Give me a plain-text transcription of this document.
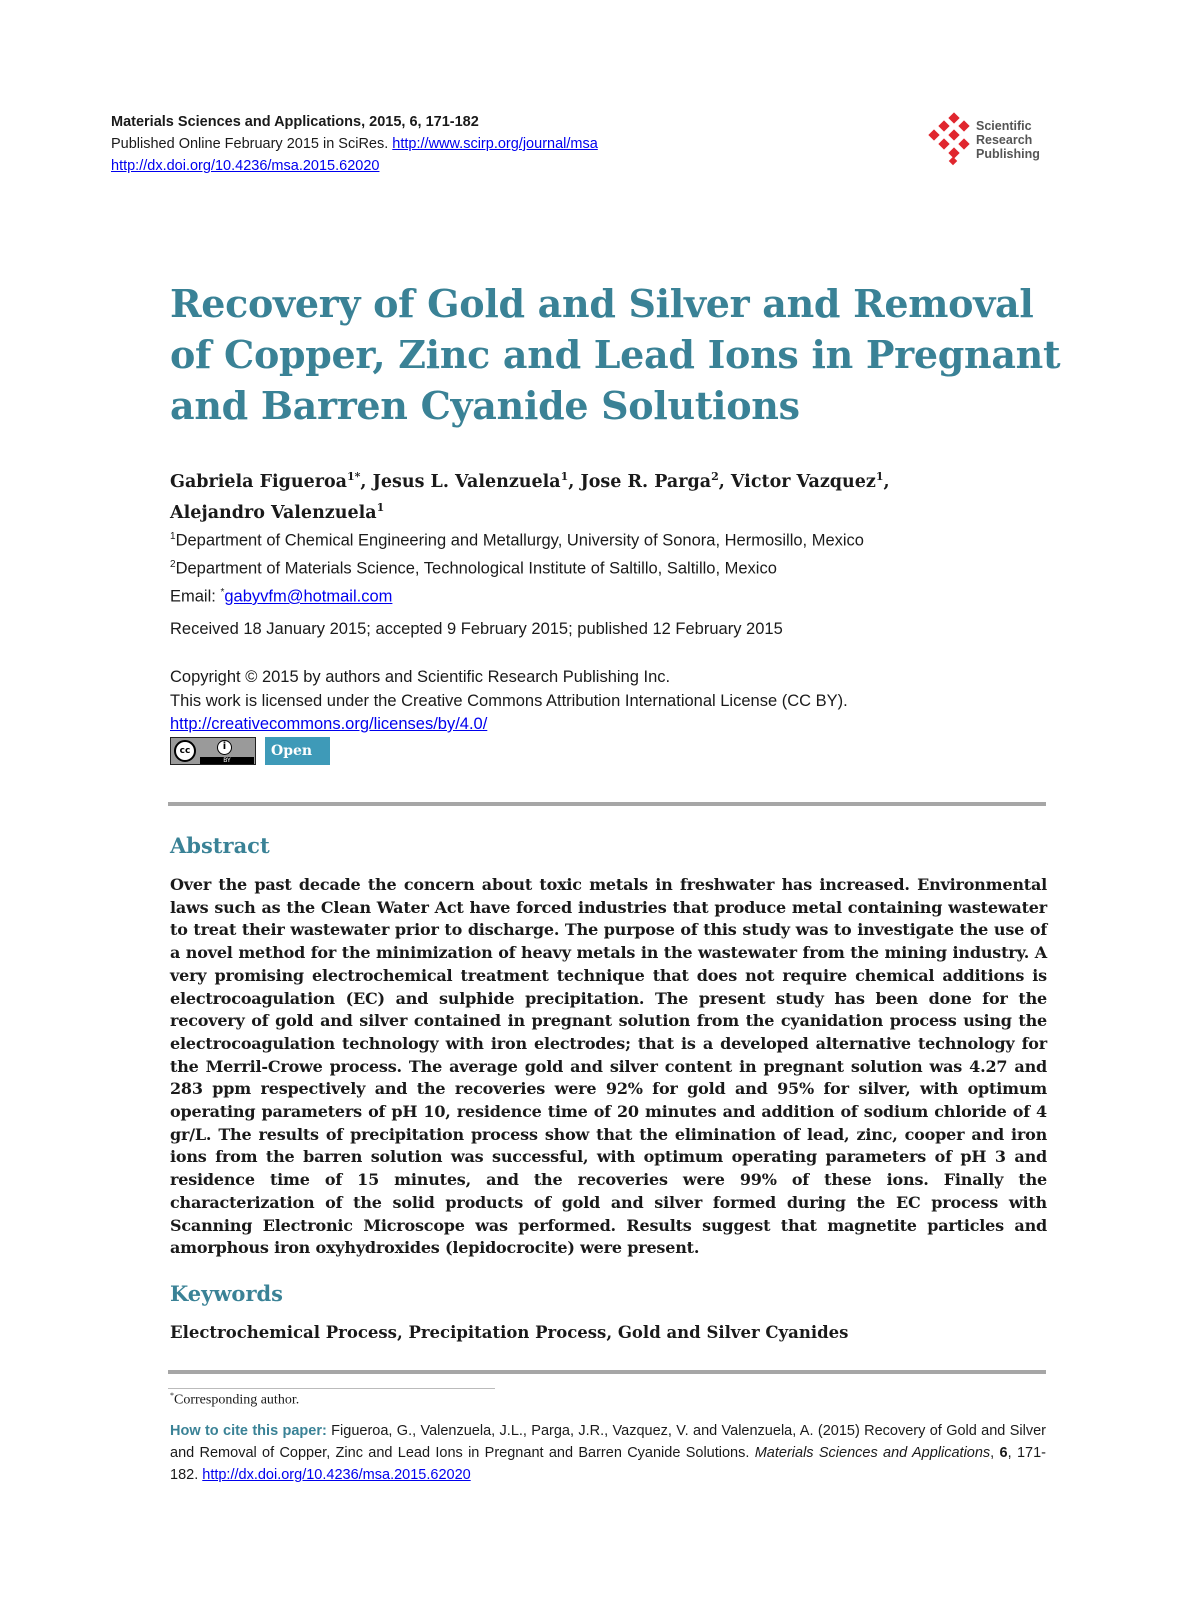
Materials Sciences and Applications, 2015, 6, 171-182
Published Online February 2015 in SciRes. http://www.scirp.org/journal/msa
http://dx.doi.org/10.4236/msa.2015.62020
Scientific
Research
Publishing
Recovery of Gold and Silver and Removal of Copper, Zinc and Lead Ions in Pregnant and Barren Cyanide Solutions
Gabriela Figueroa$^{1*}$, Jesus L. Valenzuela$^1$, Jose R. Parga$^2$, Victor Vazquez$^1$,
Alejandro Valenzuela$^1$
$^1$Department of Chemical Engineering and Metallurgy, University of Sonora, Hermosillo, Mexico
$^2$Department of Materials Science, Technological Institute of Saltillo, Saltillo, Mexico
Email: *gabyvfm@hotmail.com
Received 18 January 2015; accepted 9 February 2015; published 12 February 2015
Copyright © 2015 by authors and Scientific Research Publishing Inc.
This work is licensed under the Creative Commons Attribution International License (CC BY).
http://creativecommons.org/licenses/by/4.0/
cc	i
BY
Open Access
Abstract

Over the past decade the concern about toxic metals in freshwater has increased. Environmental laws such as the Clean Water Act have forced industries that produce metal containing wastewater to treat their wastewater prior to discharge. The purpose of this study was to investigate the use of a novel method for the minimization of heavy metals in the wastewater from the mining industry. A very promising electrochemical treatment technique that does not require chemical additions is electrocoagulation (EC) and sulphide precipitation. The present study has been done for the recovery of gold and silver contained in pregnant solution from the cyanidation process using the electrocoagulation technology with iron electrodes; that is a developed alternative technology for the Merril-Crowe process. The average gold and silver content in pregnant solution was 4.27 and 283 ppm respectively and the recoveries were 92% for gold and 95% for silver, with optimum operating parameters of pH 10, residence time of 20 minutes and addition of sodium chloride of 4 gr/L. The results of precipitation process show that the elimination of lead, zinc, cooper and iron ions from the barren solution was successful, with optimum operating parameters of pH 3 and residence time of 15 minutes, and the recoveries were 99% of these ions. Finally the characterization of the solid products of gold and silver formed during the EC process with Scanning Electronic Microscope was performed. Results suggest that magnetite particles and amorphous iron oxyhydroxides (lepidocrocite) were present.

Keywords
Electrochemical Process, Precipitation Process, Gold and Silver Cyanides
*Corresponding author.

How to cite this paper: Figueroa, G., Valenzuela, J.L., Parga, J.R., Vazquez, V. and Valenzuela, A. (2015) Recovery of Gold and Silver and Removal of Copper, Zinc and Lead Ions in Pregnant and Barren Cyanide Solutions. Materials Sciences and Applications, 6, 171-182. http://dx.doi.org/10.4236/msa.2015.62020
